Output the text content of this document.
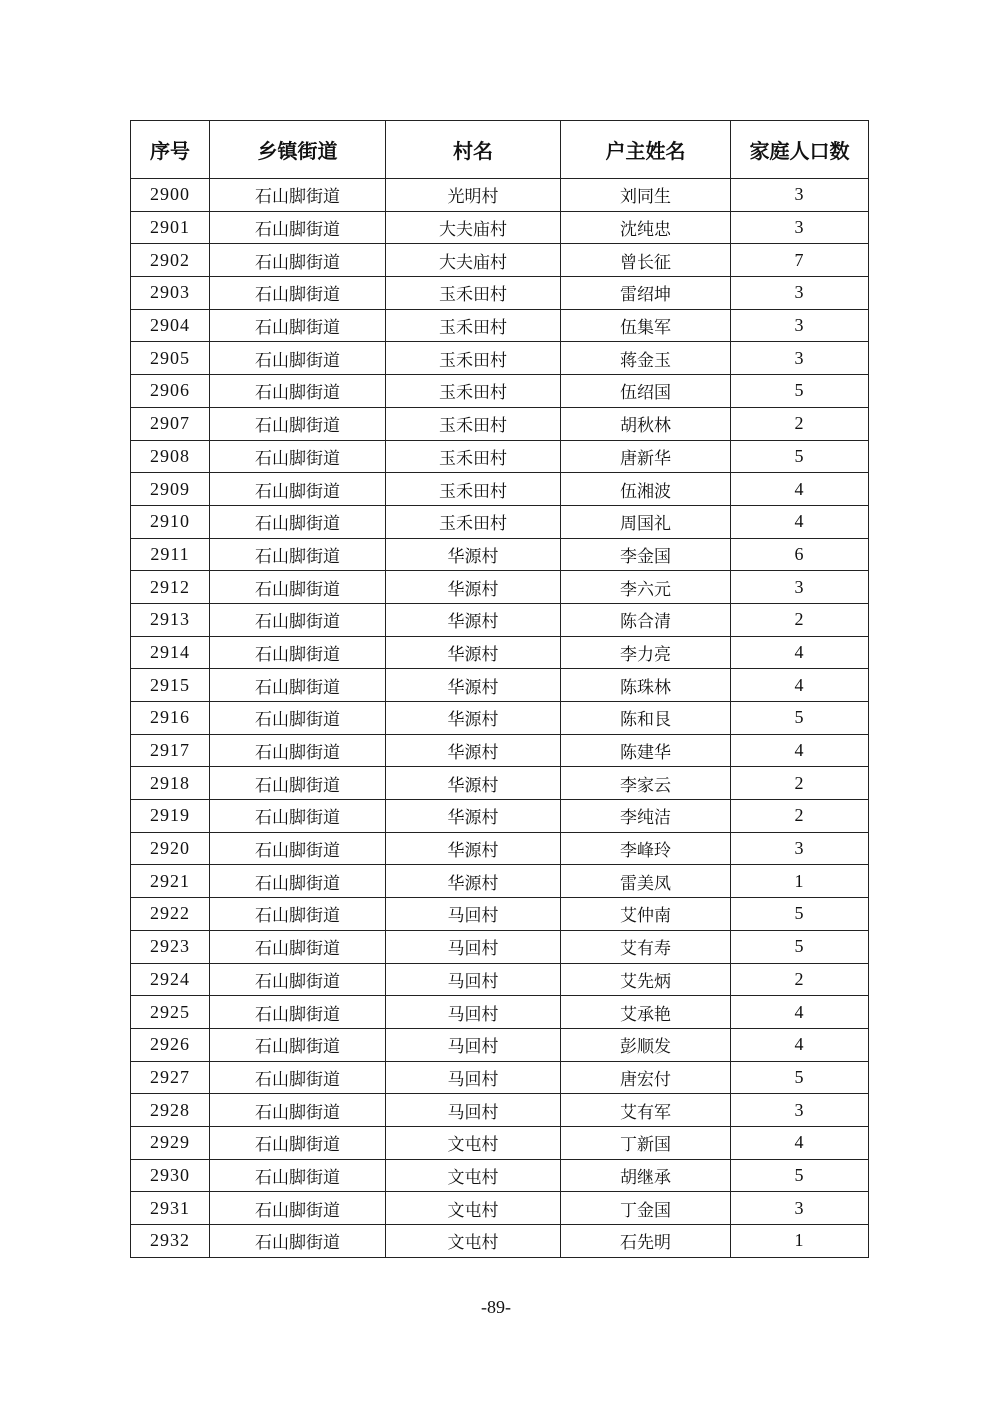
序号	乡镇街道	村名	户主姓名	家庭人口数
2900	石山脚街道	光明村	刘同生	3
2901	石山脚街道	大夫庙村	沈纯忠	3
2902	石山脚街道	大夫庙村	曾长征	7
2903	石山脚街道	玉禾田村	雷绍坤	3
2904	石山脚街道	玉禾田村	伍集军	3
2905	石山脚街道	玉禾田村	蒋金玉	3
2906	石山脚街道	玉禾田村	伍绍国	5
2907	石山脚街道	玉禾田村	胡秋林	2
2908	石山脚街道	玉禾田村	唐新华	5
2909	石山脚街道	玉禾田村	伍湘波	4
2910	石山脚街道	玉禾田村	周国礼	4
2911	石山脚街道	华源村	李金国	6
2912	石山脚街道	华源村	李六元	3
2913	石山脚街道	华源村	陈合清	2
2914	石山脚街道	华源村	李力亮	4
2915	石山脚街道	华源村	陈珠林	4
2916	石山脚街道	华源村	陈和艮	5
2917	石山脚街道	华源村	陈建华	4
2918	石山脚街道	华源村	李家云	2
2919	石山脚街道	华源村	李纯洁	2
2920	石山脚街道	华源村	李峰玲	3
2921	石山脚街道	华源村	雷美凤	1
2922	石山脚街道	马回村	艾仲南	5
2923	石山脚街道	马回村	艾有寿	5
2924	石山脚街道	马回村	艾先炳	2
2925	石山脚街道	马回村	艾承艳	4
2926	石山脚街道	马回村	彭顺发	4
2927	石山脚街道	马回村	唐宏付	5
2928	石山脚街道	马回村	艾有军	3
2929	石山脚街道	文屯村	丁新国	4
2930	石山脚街道	文屯村	胡继承	5
2931	石山脚街道	文屯村	丁金国	3
2932	石山脚街道	文屯村	石先明	1
-89-
